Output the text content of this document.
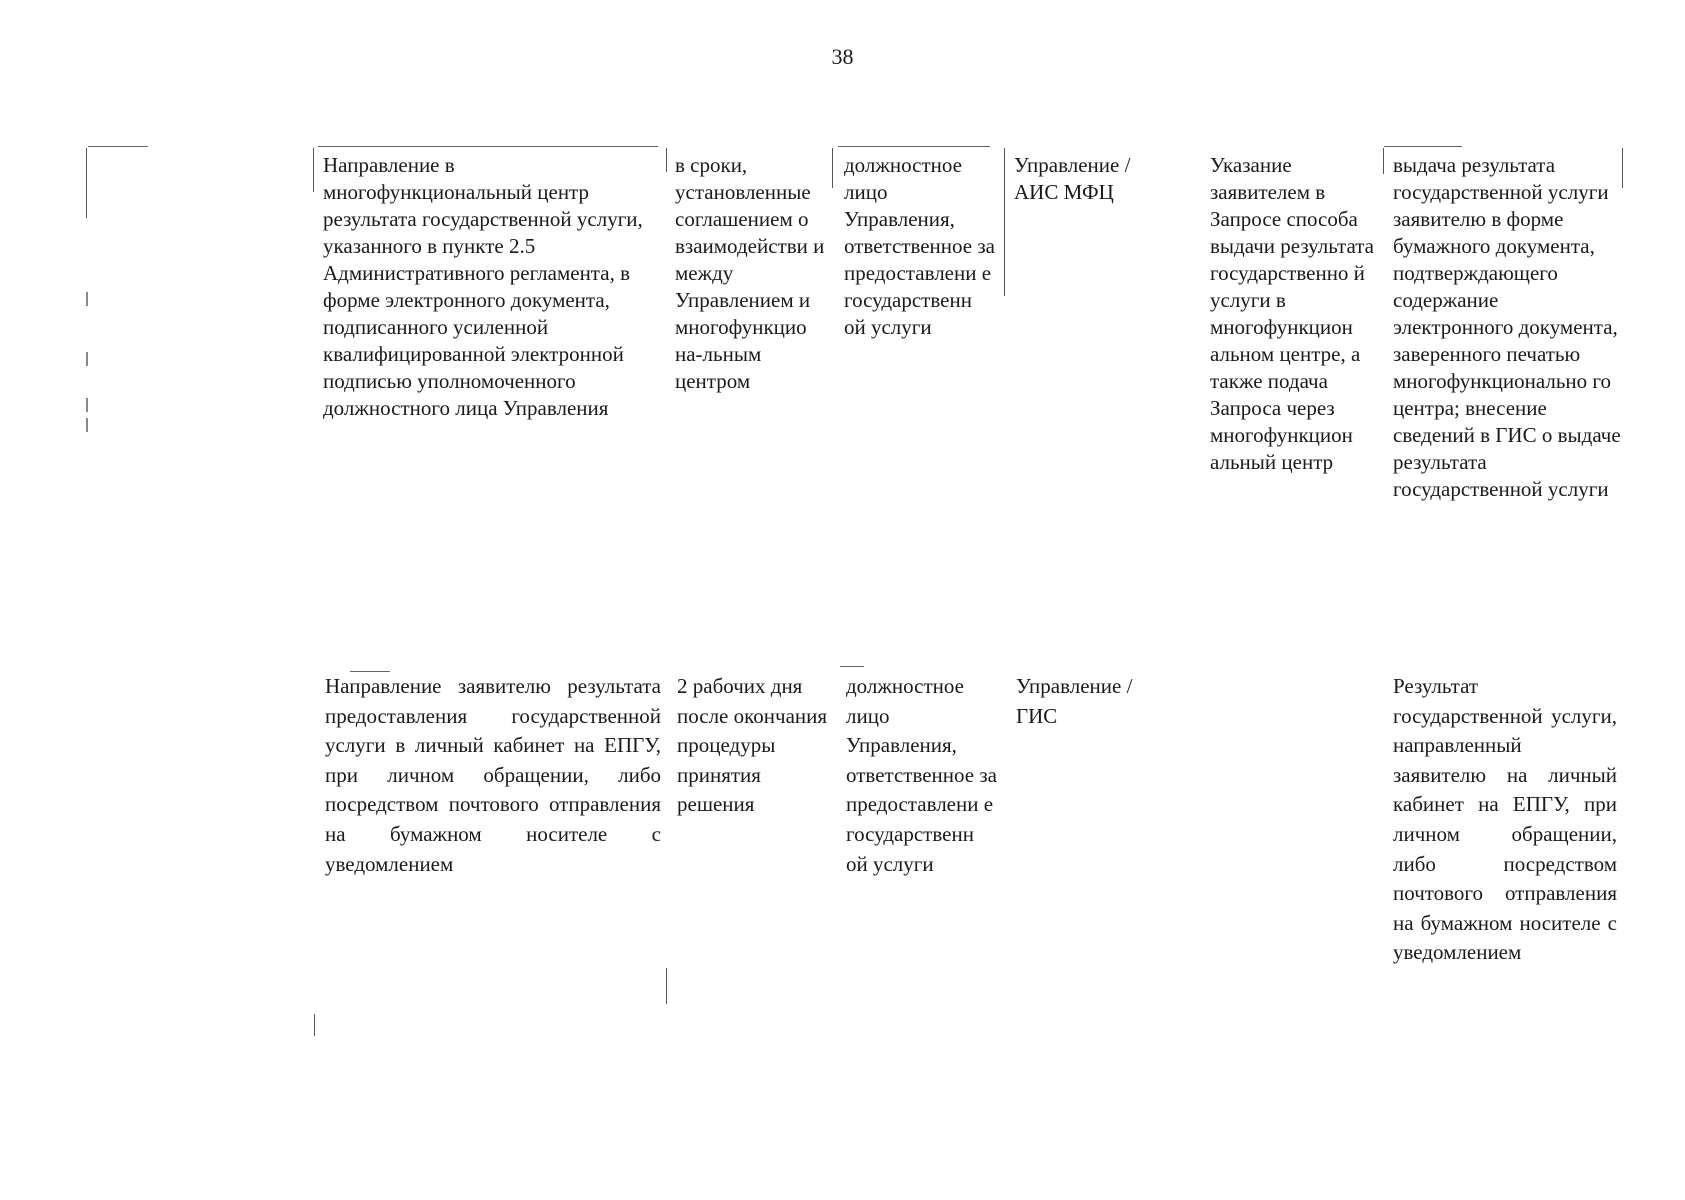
38
Направление в многофункциональный центр результата государственной услуги, указанного в пункте 2.5 Административного регламента, в форме электронного документа, подписанного усиленной квалифицированной электронной подписью уполномоченного должностного лица Управления
в сроки, установленные соглашением о взаимодействи и между Управлением и многофункцио на-льным центром
должностное лицо Управления, ответственное за предоставлени е государственн ой услуги
Управление / АИС МФЦ
Указание заявителем в Запросе способа выдачи результата государственно й услуги в многофункцион альном центре, а также подача Запроса через многофункцион альный центр
выдача результата государственной услуги заявителю в форме бумажного документа, подтверждающего содержание электронного документа, заверенного печатью многофункционально го центра; внесение сведений в ГИС о выдаче результата государственной услуги
Направление заявителю результата предоставления государственной услуги в личный кабинет на ЕПГУ, при личном обращении, либо посредством почтового отправления на бумажном носителе с уведомлением
2 рабочих дня после окончания процедуры принятия решения
должностное лицо Управления, ответственное за предоставлени е государственн ой услуги
Управление / ГИС
Результат государственной услуги, направленный заявителю на личный кабинет на ЕПГУ, при личном обращении, либо посредством почтового отправления на бумажном носителе с уведомлением
